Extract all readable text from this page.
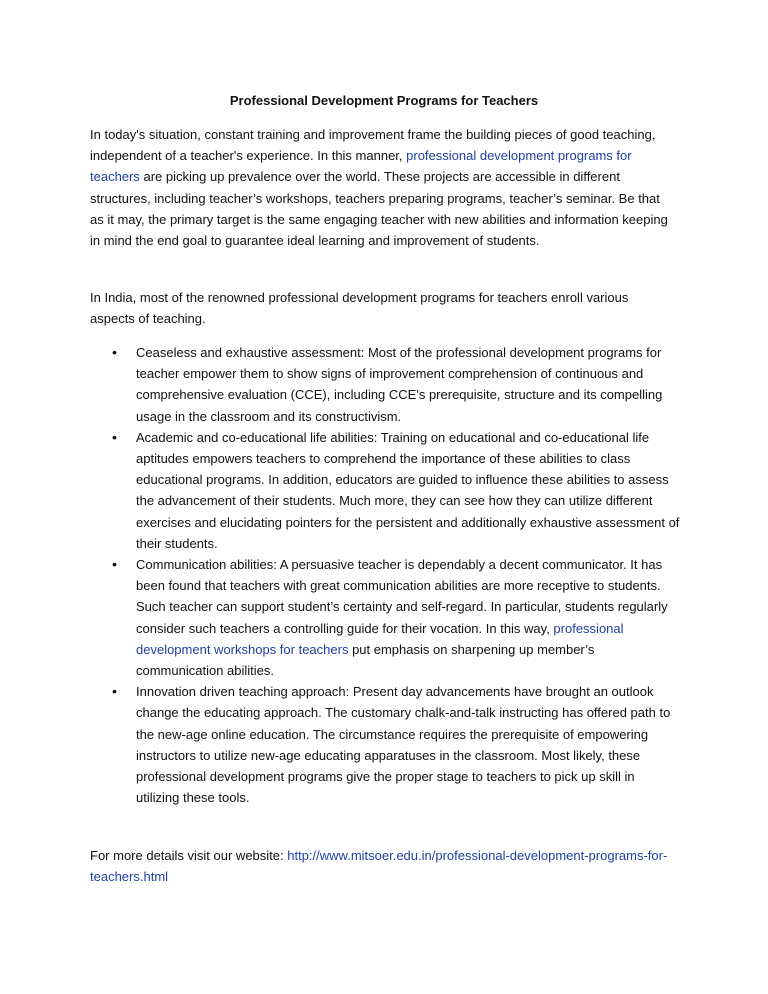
Professional Development Programs for Teachers

In today's situation, constant training and improvement frame the building pieces of good teaching, independent of a teacher's experience. In this manner, professional development programs for teachers are picking up prevalence over the world. These projects are accessible in different structures, including teacher’s workshops, teachers preparing programs, teacher’s seminar. Be that as it may, the primary target is the same engaging teacher with new abilities and information keeping in mind the end goal to guarantee ideal learning and improvement of students.

In India, most of the renowned professional development programs for teachers enroll various aspects of teaching.

• Ceaseless and exhaustive assessment: Most of the professional development programs for teacher empower them to show signs of improvement comprehension of continuous and comprehensive evaluation (CCE), including CCE's prerequisite, structure and its compelling usage in the classroom and its constructivism.
• Academic and co-educational life abilities: Training on educational and co-educational life aptitudes empowers teachers to comprehend the importance of these abilities to class educational programs. In addition, educators are guided to influence these abilities to assess the advancement of their students. Much more, they can see how they can utilize different exercises and elucidating pointers for the persistent and additionally exhaustive assessment of their students.
• Communication abilities: A persuasive teacher is dependably a decent communicator. It has been found that teachers with great communication abilities are more receptive to students. Such teacher can support student’s certainty and self-regard. In particular, students regularly consider such teachers a controlling guide for their vocation. In this way, professional development workshops for teachers put emphasis on sharpening up member’s communication abilities.
• Innovation driven teaching approach: Present day advancements have brought an outlook change the educating approach. The customary chalk-and-talk instructing has offered path to the new-age online education. The circumstance requires the prerequisite of empowering instructors to utilize new-age educating apparatuses in the classroom. Most likely, these professional development programs give the proper stage to teachers to pick up skill in utilizing these tools.

For more details visit our website: http://www.mitsoer.edu.in/professional-development-programs-for-teachers.html
